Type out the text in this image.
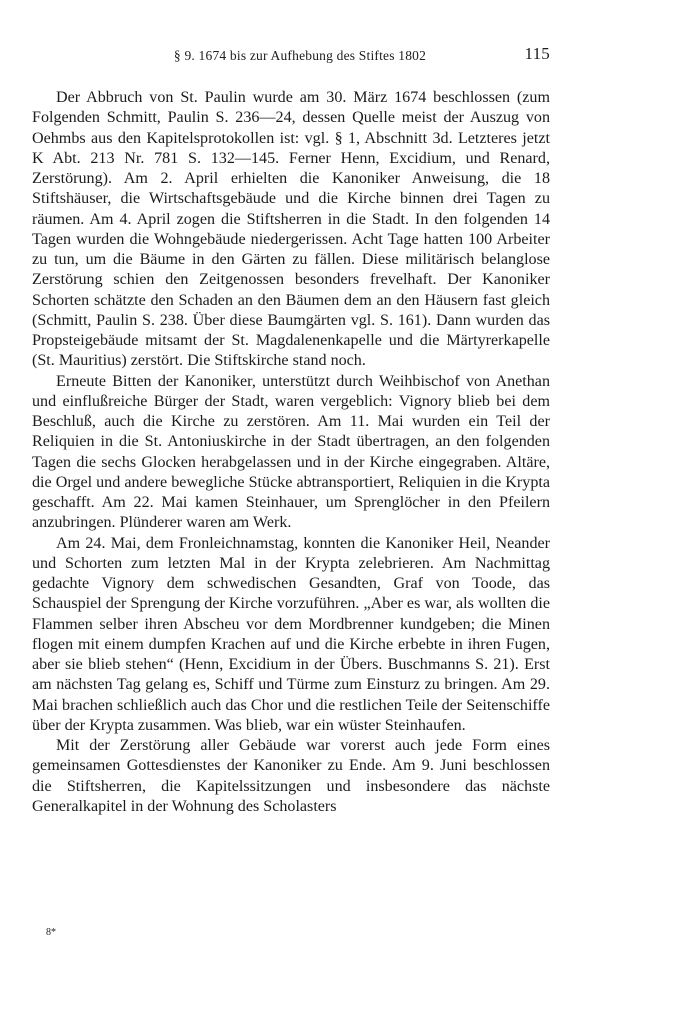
§ 9. 1674 bis zur Aufhebung des Stiftes 1802	115

Der Abbruch von St. Paulin wurde am 30. März 1674 beschlossen (zum Folgenden Schmitt, Paulin S. 236—24, dessen Quelle meist der Auszug von Oehmbs aus den Kapitelsprotokollen ist: vgl. § 1, Abschnitt 3d. Letzteres jetzt K Abt. 213 Nr. 781 S. 132—145. Ferner Henn, Excidium, und Renard, Zerstörung). Am 2. April erhielten die Kanoniker Anweisung, die 18 Stiftshäuser, die Wirtschaftsgebäude und die Kirche binnen drei Tagen zu räumen. Am 4. April zogen die Stiftsherren in die Stadt. In den folgenden 14 Tagen wurden die Wohngebäude niedergerissen. Acht Tage hatten 100 Arbeiter zu tun, um die Bäume in den Gärten zu fällen. Diese militärisch belanglose Zerstörung schien den Zeitgenossen besonders frevelhaft. Der Kanoniker Schorten schätzte den Schaden an den Bäumen dem an den Häusern fast gleich (Schmitt, Paulin S. 238. Über diese Baumgärten vgl. S. 161). Dann wurden das Propsteigebäude mitsamt der St. Magdalenenkapelle und die Märtyrerkapelle (St. Mauritius) zerstört. Die Stiftskirche stand noch.

Erneute Bitten der Kanoniker, unterstützt durch Weihbischof von Anethan und einflußreiche Bürger der Stadt, waren vergeblich: Vignory blieb bei dem Beschluß, auch die Kirche zu zerstören. Am 11. Mai wurden ein Teil der Reliquien in die St. Antoniuskirche in der Stadt übertragen, an den folgenden Tagen die sechs Glocken herabgelassen und in der Kirche eingegraben. Altäre, die Orgel und andere bewegliche Stücke abtransportiert, Reliquien in die Krypta geschafft. Am 22. Mai kamen Steinhauer, um Sprenglöcher in den Pfeilern anzubringen. Plünderer waren am Werk.

Am 24. Mai, dem Fronleichnamstag, konnten die Kanoniker Heil, Neander und Schorten zum letzten Mal in der Krypta zelebrieren. Am Nachmittag gedachte Vignory dem schwedischen Gesandten, Graf von Toode, das Schauspiel der Sprengung der Kirche vorzuführen. „Aber es war, als wollten die Flammen selber ihren Abscheu vor dem Mordbrenner kundgeben; die Minen flogen mit einem dumpfen Krachen auf und die Kirche erbebte in ihren Fugen, aber sie blieb stehen“ (Henn, Excidium in der Übers. Buschmanns S. 21). Erst am nächsten Tag gelang es, Schiff und Türme zum Einsturz zu bringen. Am 29. Mai brachen schließlich auch das Chor und die restlichen Teile der Seitenschiffe über der Krypta zusammen. Was blieb, war ein wüster Steinhaufen.

Mit der Zerstörung aller Gebäude war vorerst auch jede Form eines gemeinsamen Gottesdienstes der Kanoniker zu Ende. Am 9. Juni beschlossen die Stiftsherren, die Kapitelssitzungen und insbesondere das nächste Generalkapitel in der Wohnung des Scholasters

8*
